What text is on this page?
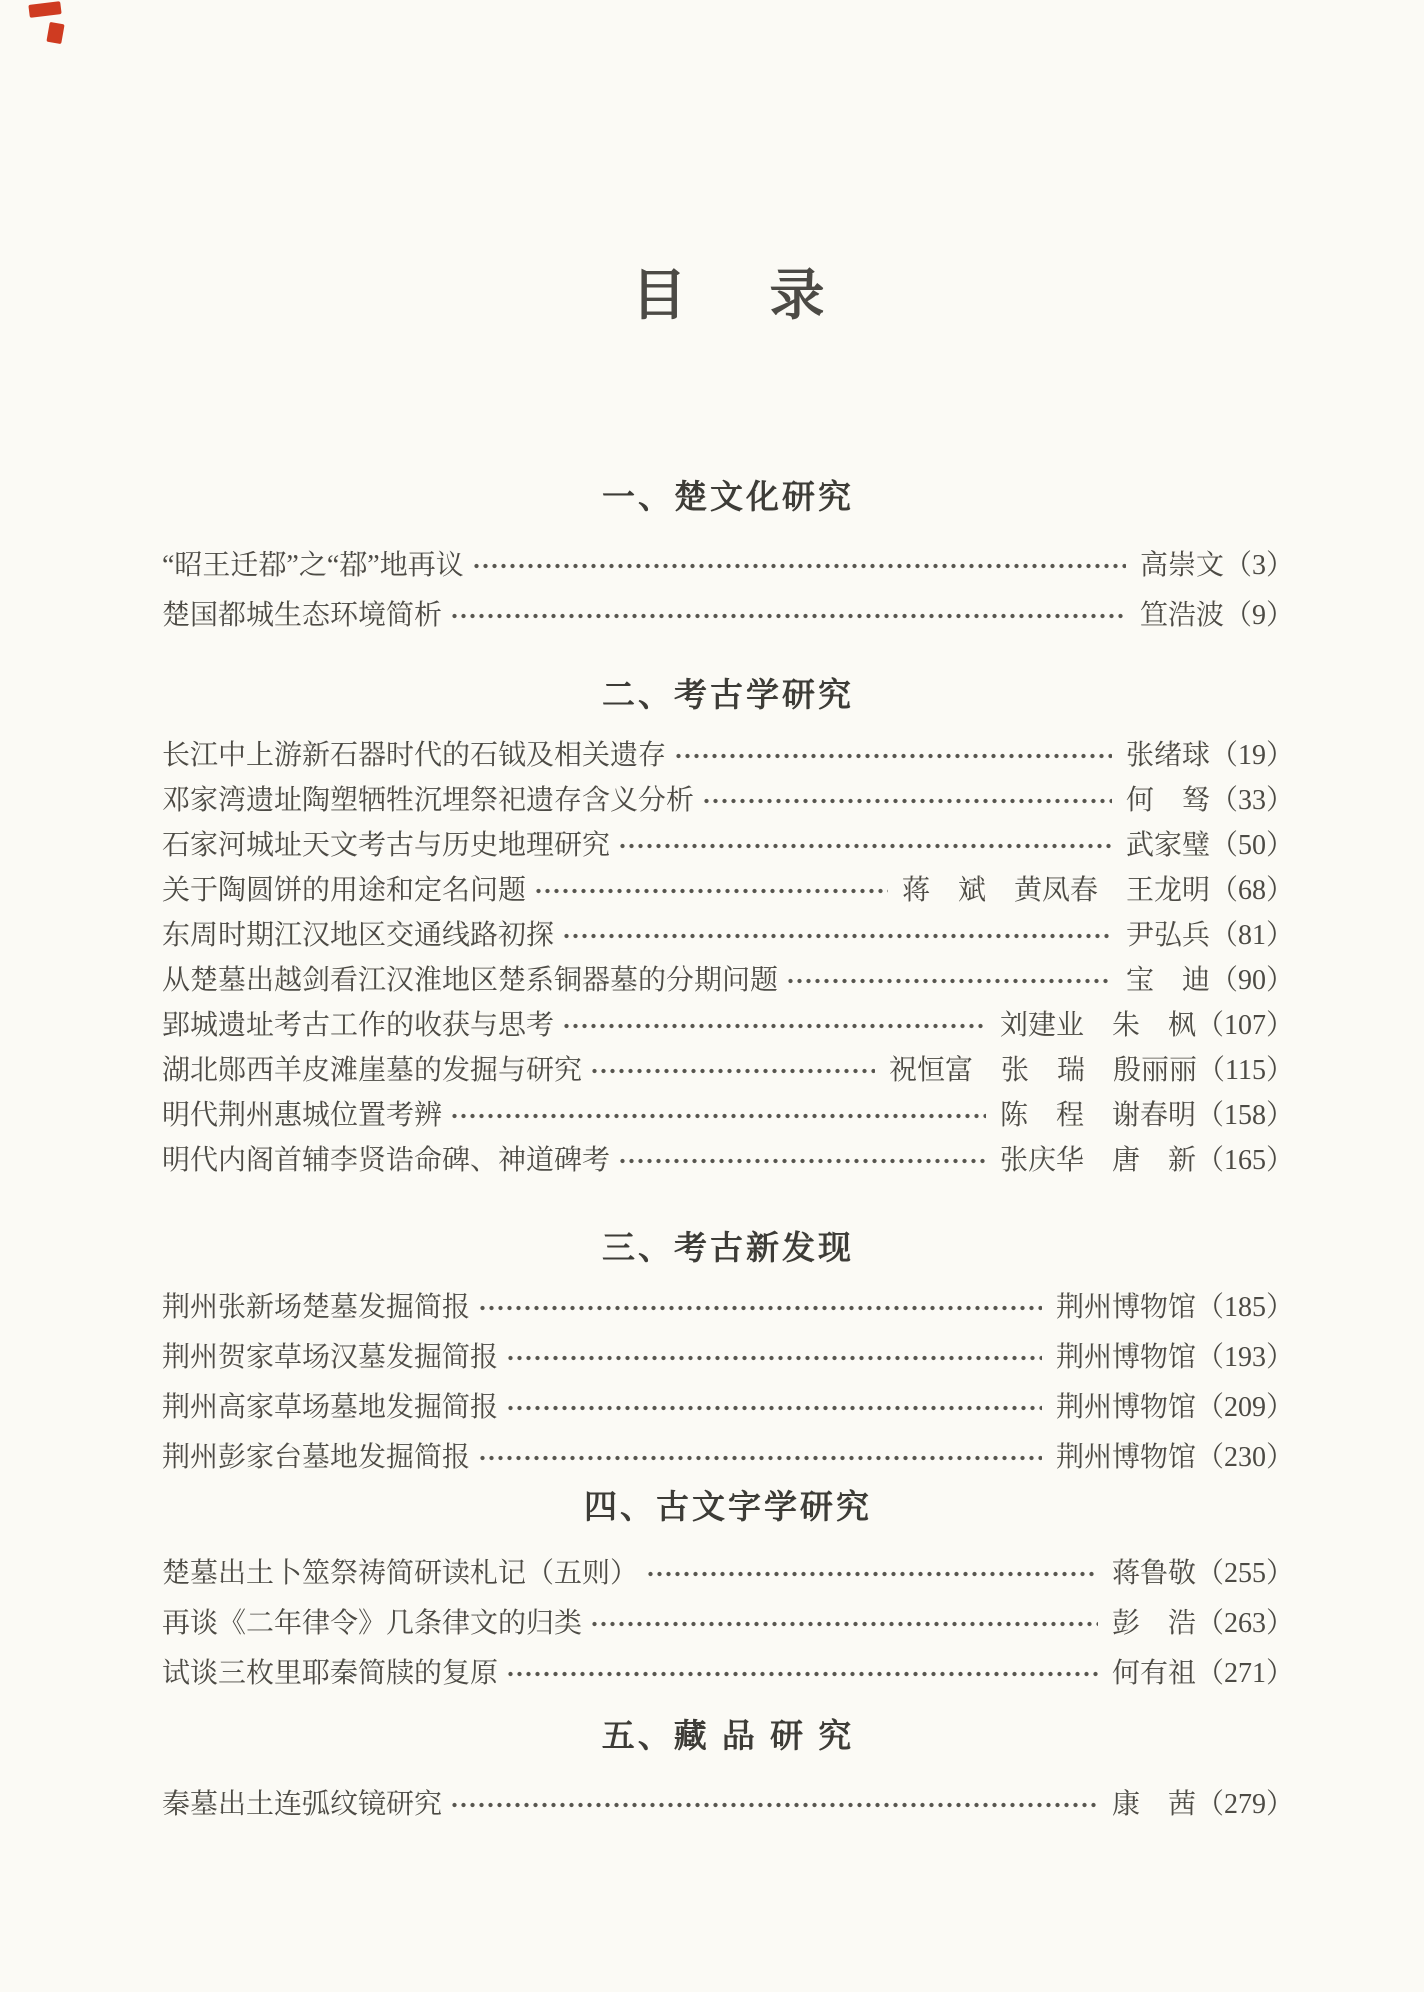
目　录
一、楚文化研究
“昭王迁鄀”之“鄀”地再议	高崇文 （3）
楚国都城生态环境简析	笪浩波 （9）
二、考古学研究
长江中上游新石器时代的石钺及相关遗存	张绪球 （19）
邓家湾遗址陶塑牺牲沉埋祭祀遗存含义分析	何　驽 （33）
石家河城址天文考古与历史地理研究	武家璧 （50）
关于陶圆饼的用途和定名问题	蒋　斌　黄凤春　王龙明 （68）
东周时期江汉地区交通线路初探	尹弘兵 （81）
从楚墓出越剑看江汉淮地区楚系铜器墓的分期问题	宝　迪 （90）
郢城遗址考古工作的收获与思考	刘建业　朱　枫 （107）
湖北郧西羊皮滩崖墓的发掘与研究	祝恒富　张　瑞　殷丽丽 （115）
明代荆州惠城位置考辨	陈　程　谢春明 （158）
明代内阁首辅李贤诰命碑、神道碑考	张庆华　唐　新 （165）
三、考古新发现
荆州张新场楚墓发掘简报	荆州博物馆 （185）
荆州贺家草场汉墓发掘简报	荆州博物馆 （193）
荆州高家草场墓地发掘简报	荆州博物馆 （209）
荆州彭家台墓地发掘简报	荆州博物馆 （230）
四、古文字学研究
楚墓出土卜筮祭祷简研读札记（五则）	蒋鲁敬 （255）
再谈《二年律令》几条律文的归类	彭　浩 （263）
试谈三枚里耶秦简牍的复原	何有祖 （271）
五、藏 品 研 究
秦墓出土连弧纹镜研究	康　茜 （279）
